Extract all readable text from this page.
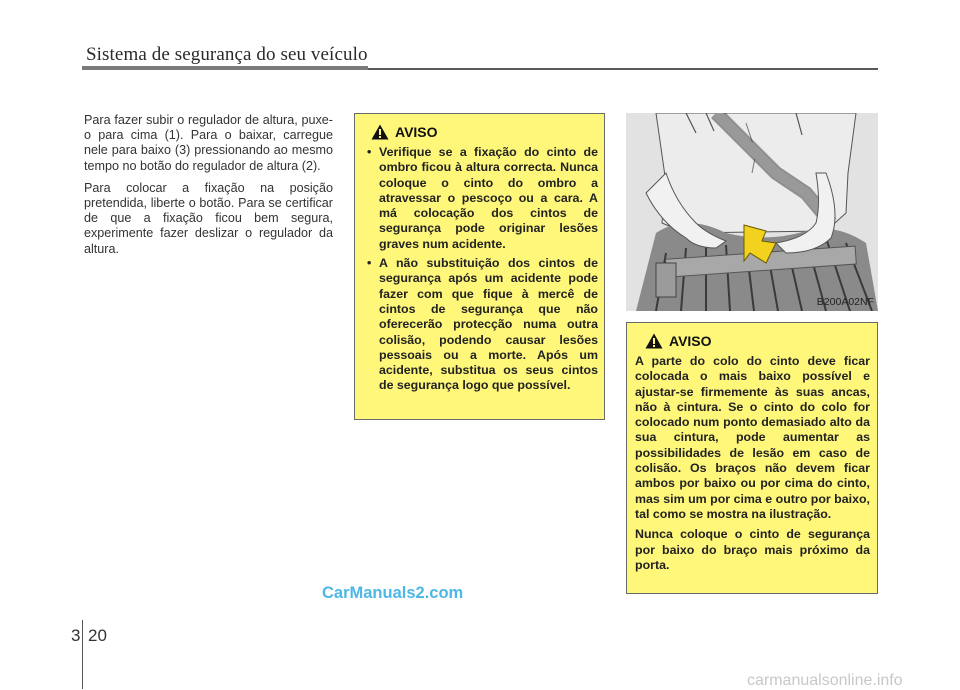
Sistema de segurança do seu veículo

Para fazer subir o regulador de altura, puxe-o para cima (1). Para o baixar, carregue nele para baixo (3) pressionando ao mesmo tempo no botão do regulador de altura (2).

Para colocar a fixação na posição pretendida, liberte o botão. Para se certificar de que a fixação ficou bem segura, experimente fazer deslizar o regulador da altura.

AVISO
• Verifique se a fixação do cinto de ombro ficou à altura correcta. Nunca coloque o cinto do ombro a atravessar o pescoço ou a cara. A má colocação dos cintos de segurança pode originar lesões graves num acidente.
• A não substituição dos cintos de segurança após um acidente pode fazer com que fique à mercê de cintos de segurança que não oferecerão protecção numa outra colisão, podendo causar lesões pessoais ou a morte. Após um acidente, substitua os seus cintos de segurança logo que possível.
B200A02NF
AVISO

A parte do colo do cinto deve ficar colocada o mais baixo possível e ajustar-se firmemente às suas ancas, não à cintura. Se o cinto do colo for colocado num ponto demasiado alto da sua cintura, pode aumentar as possibilidades de lesão em caso de colisão. Os braços não devem ficar ambos por baixo ou por cima do cinto, mas sim um por cima e outro por baixo, tal como se mostra na ilustração.

Nunca coloque o cinto de segurança por baixo do braço mais próximo da porta.

CarManuals2.com
3 20
carmanualsonline.info
